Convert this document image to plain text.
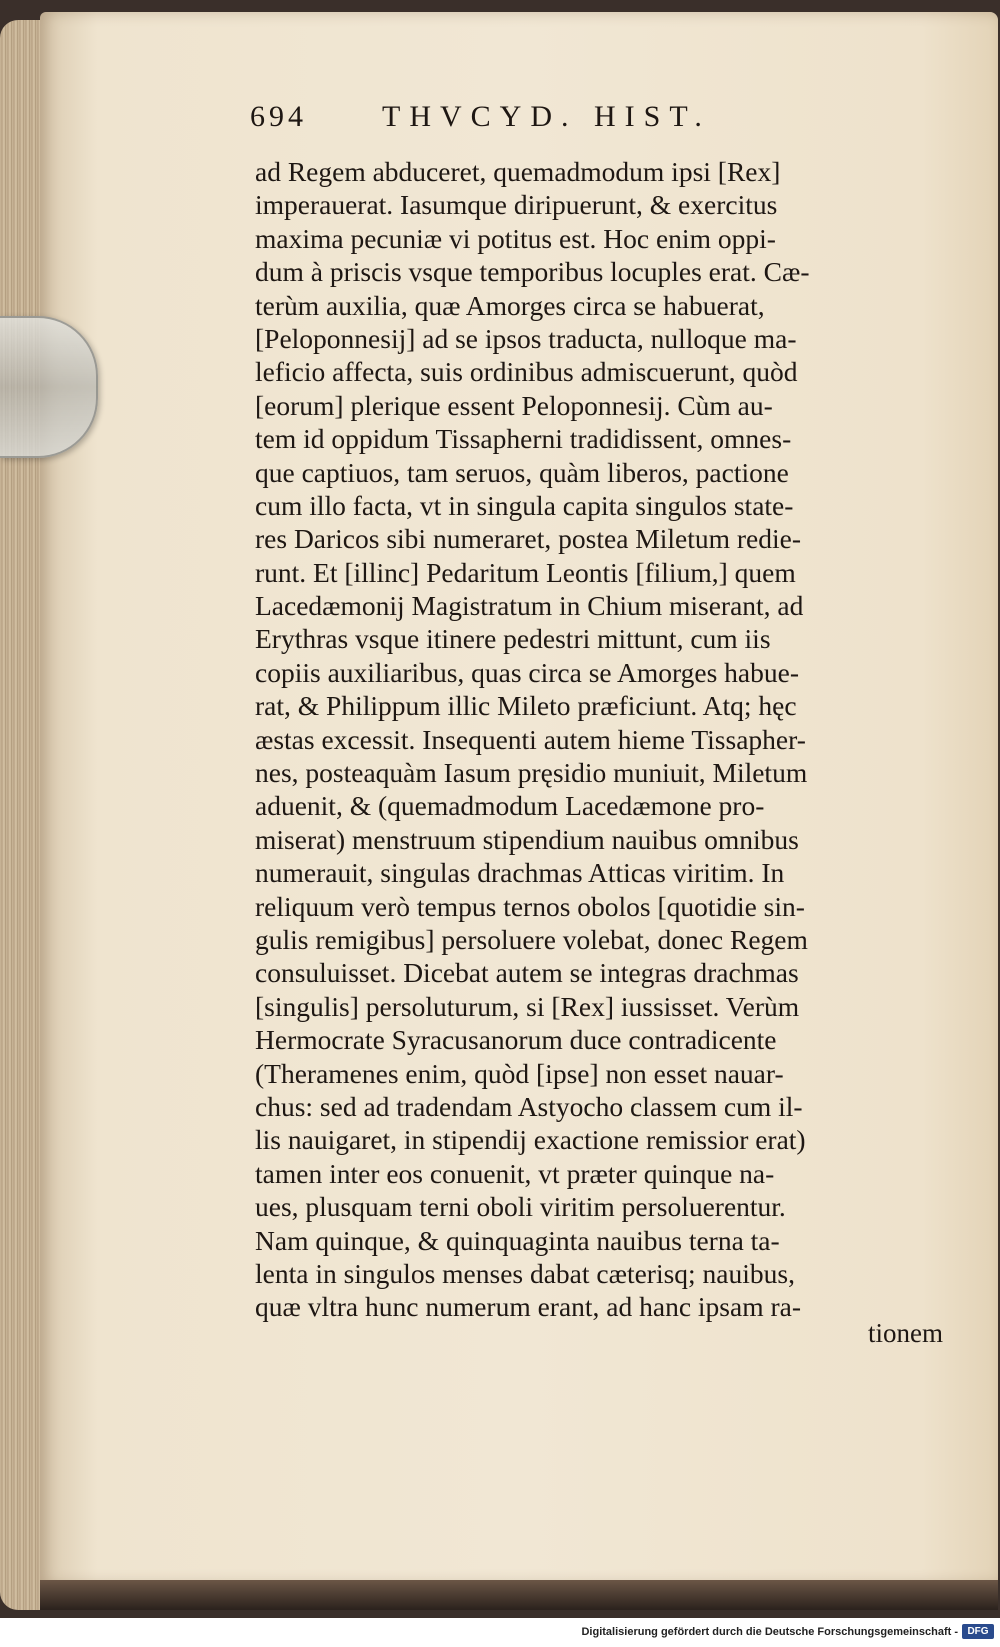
694	THVCYD. HIST.
ad Regem abduceret, quemadmodum ipsi [Rex]
imperauerat. Iasumque diripuerunt, & exercitus
maxima pecuniæ vi potitus est. Hoc enim oppi-
dum à priscis vsque temporibus locuples erat. Cæ-
terùm auxilia, quæ Amorges circa se habuerat,
[Peloponnesij] ad se ipsos traducta, nulloque ma-
leficio affecta, suis ordinibus admiscuerunt, quòd
[eorum] plerique essent Peloponnesij. Cùm au-
tem id oppidum Tissapherni tradidissent, omnes-
que captiuos, tam seruos, quàm liberos, pactione
cum illo facta, vt in singula capita singulos state-
res Daricos sibi numeraret, postea Miletum redie-
runt. Et [illinc] Pedaritum Leontis [filium,] quem
Lacedæmonij Magistratum in Chium miserant, ad
Erythras vsque itinere pedestri mittunt, cum iis
copiis auxiliaribus, quas circa se Amorges habue-
rat, & Philippum illic Mileto præficiunt. Atq; hęc
æstas excessit. Insequenti autem hieme Tissapher-
nes, posteaquàm Iasum pręsidio muniuit, Miletum
aduenit, & (quemadmodum Lacedæmone pro-
miserat) menstruum stipendium nauibus omnibus
numerauit, singulas drachmas Atticas viritim. In
reliquum verò tempus ternos obolos [quotidie sin-
gulis remigibus] persoluere volebat, donec Regem
consuluisset. Dicebat autem se integras drachmas
[singulis] persoluturum, si [Rex] iussisset. Verùm
Hermocrate Syracusanorum duce contradicente
(Theramenes enim, quòd [ipse] non esset nauar-
chus: sed ad tradendam Astyocho classem cum il-
lis nauigaret, in stipendij exactione remissior erat)
tamen inter eos conuenit, vt præter quinque na-
ues, plusquam terni oboli viritim persoluerentur.
Nam quinque, & quinquaginta nauibus terna ta-
lenta in singulos menses dabat cæterisq; nauibus,
quæ vltra hunc numerum erant, ad hanc ipsam ra-
tionem
Digitalisierung gefördert durch die Deutsche Forschungsgemeinschaft - DFG
